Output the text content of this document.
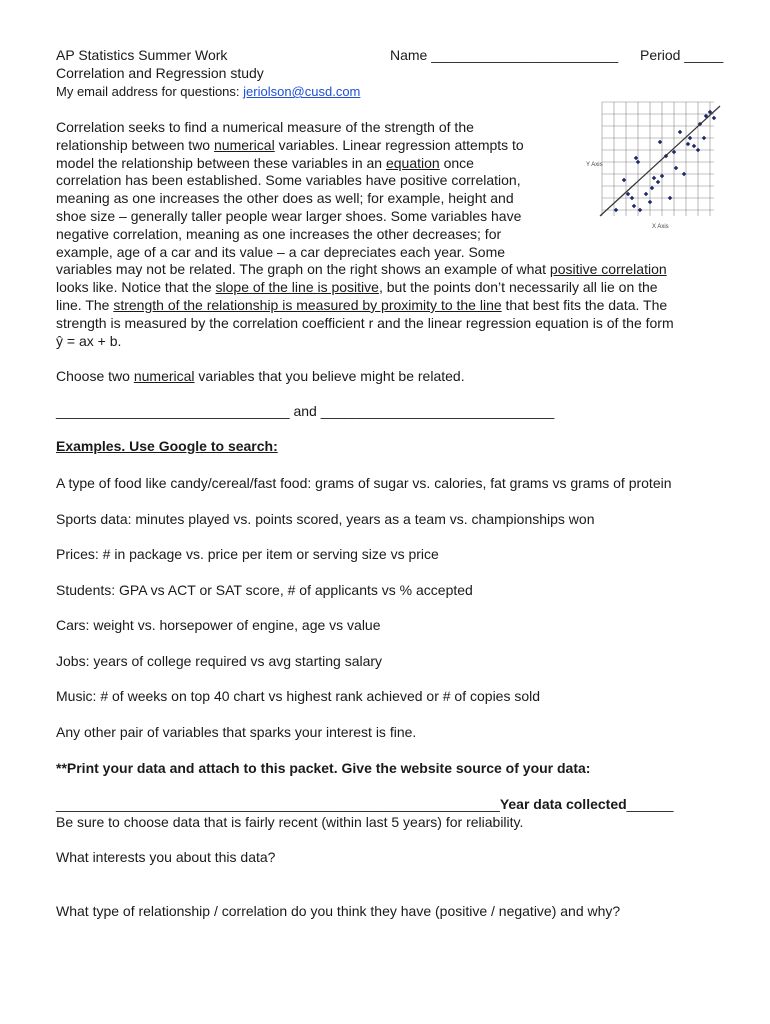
AP Statistics Summer Work	Name ________________________ Period _____
Correlation and Regression study
My email address for questions: jeriolson@cusd.com
Y Axis
X Axis
Correlation seeks to find a numerical measure of the strength of the
relationship between two numerical variables. Linear regression attempts to
model the relationship between these variables in an equation once
correlation has been established. Some variables have positive correlation,
meaning as one increases the other does as well; for example, height and
shoe size – generally taller people wear larger shoes. Some variables have
negative correlation, meaning as one increases the other decreases; for
example, age of a car and its value – a car depreciates each year. Some
variables may not be related. The graph on the right shows an example of what positive correlation
looks like. Notice that the slope of the line is positive, but the points don’t necessarily all lie on the
line. The strength of the relationship is measured by proximity to the line that best fits the data. The
strength is measured by the correlation coefficient r and the linear regression equation is of the form
ŷ = ax + b.
Choose two numerical variables that you believe might be related.
______________________________ and ______________________________
Examples. Use Google to search:
A type of food like candy/cereal/fast food: grams of sugar vs. calories, fat grams vs grams of protein
Sports data: minutes played vs. points scored, years as a team vs. championships won
Prices: # in package vs. price per item or serving size vs price
Students: GPA vs ACT or SAT score, # of applicants vs % accepted
Cars: weight vs. horsepower of engine, age vs value
Jobs: years of college required vs avg starting salary
Music: # of weeks on top 40 chart vs highest rank achieved or # of copies sold
Any other pair of variables that sparks your interest is fine.
**Print your data and attach to this packet. Give the website source of your data:
_________________________________________________________Year data collected______
Be sure to choose data that is fairly recent (within last 5 years) for reliability.
What interests you about this data?
What type of relationship / correlation do you think they have (positive / negative) and why?
